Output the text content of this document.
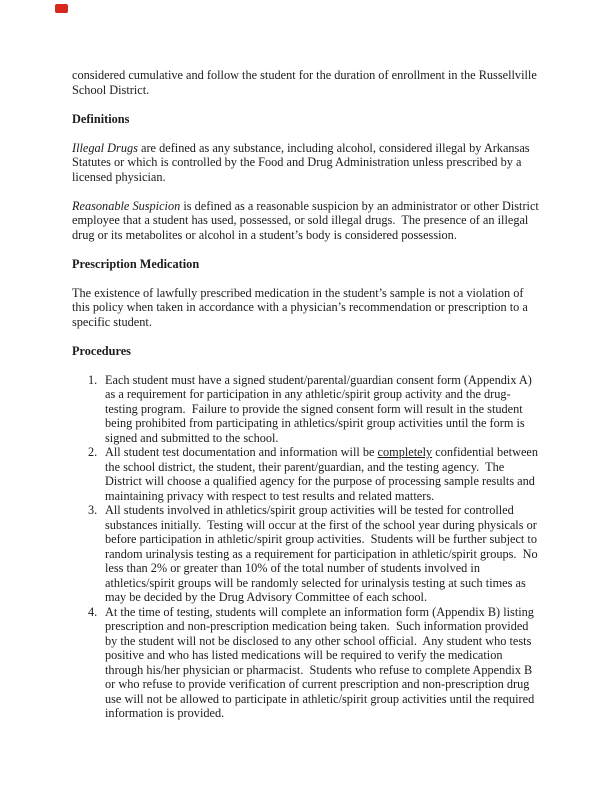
considered cumulative and follow the student for the duration of enrollment in the Russellville School District.

Definitions

Illegal Drugs are defined as any substance, including alcohol, considered illegal by Arkansas Statutes or which is controlled by the Food and Drug Administration unless prescribed by a licensed physician.

Reasonable Suspicion is defined as a reasonable suspicion by an administrator or other District employee that a student has used, possessed, or sold illegal drugs.  The presence of an illegal drug or its metabolites or alcohol in a student’s body is considered possession.

Prescription Medication

The existence of lawfully prescribed medication in the student’s sample is not a violation of this policy when taken in accordance with a physician’s recommendation or prescription to a specific student.

Procedures
1. Each student must have a signed student/parental/guardian consent form (Appendix A) as a requirement for participation in any athletic/spirit group activity and the drug-testing program.  Failure to provide the signed consent form will result in the student being prohibited from participating in athletics/spirit group activities until the form is signed and submitted to the school.
2. All student test documentation and information will be completely confidential between the school district, the student, their parent/guardian, and the testing agency.  The District will choose a qualified agency for the purpose of processing sample results and maintaining privacy with respect to test results and related matters.
3. All students involved in athletics/spirit group activities will be tested for controlled substances initially.  Testing will occur at the first of the school year during physicals or before participation in athletic/spirit group activities.  Students will be further subject to random urinalysis testing as a requirement for participation in athletic/spirit groups.  No less than 2% or greater than 10% of the total number of students involved in athletics/spirit groups will be randomly selected for urinalysis testing at such times as may be decided by the Drug Advisory Committee of each school.
4. At the time of testing, students will complete an information form (Appendix B) listing prescription and non-prescription medication being taken.  Such information provided by the student will not be disclosed to any other school official.  Any student who tests positive and who has listed medications will be required to verify the medication through his/her physician or pharmacist.  Students who refuse to complete Appendix B or who refuse to provide verification of current prescription and non-prescription drug use will not be allowed to participate in athletic/spirit group activities until the required information is provided.
